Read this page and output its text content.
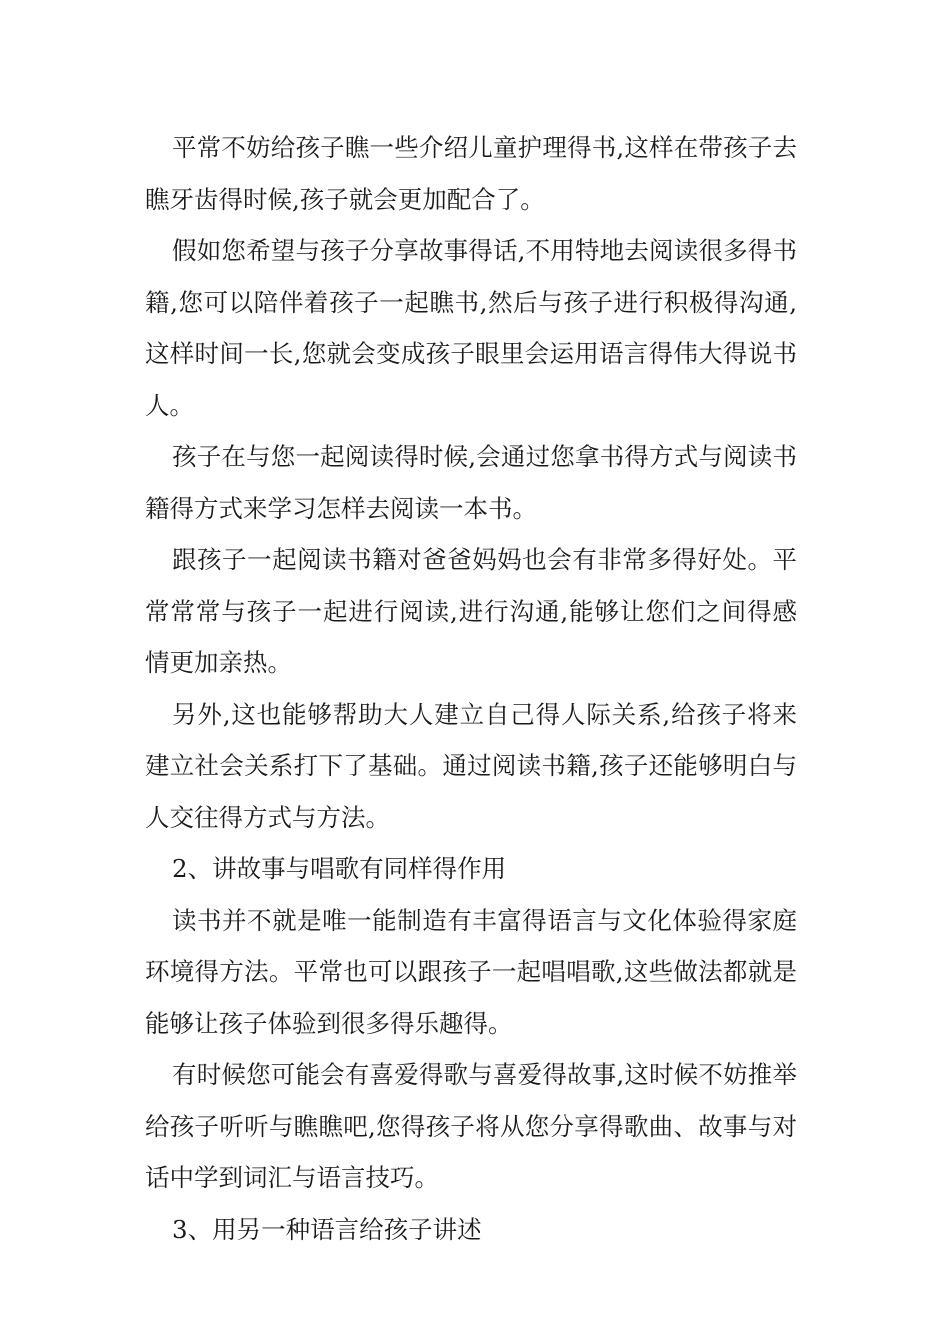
平常不妨给孩子瞧一些介绍儿童护理得书,这样在带孩子去瞧牙齿得时候,孩子就会更加配合了。

假如您希望与孩子分享故事得话,不用特地去阅读很多得书籍,您可以陪伴着孩子一起瞧书,然后与孩子进行积极得沟通,这样时间一长,您就会变成孩子眼里会运用语言得伟大得说书人。

孩子在与您一起阅读得时候,会通过您拿书得方式与阅读书籍得方式来学习怎样去阅读一本书。

跟孩子一起阅读书籍对爸爸妈妈也会有非常多得好处。平常常常与孩子一起进行阅读,进行沟通,能够让您们之间得感情更加亲热。

另外,这也能够帮助大人建立自己得人际关系,给孩子将来建立社会关系打下了基础。通过阅读书籍,孩子还能够明白与人交往得方式与方法。

2、讲故事与唱歌有同样得作用

读书并不就是唯一能制造有丰富得语言与文化体验得家庭环境得方法。平常也可以跟孩子一起唱唱歌,这些做法都就是能够让孩子体验到很多得乐趣得。

有时候您可能会有喜爱得歌与喜爱得故事,这时候不妨推举给孩子听听与瞧瞧吧,您得孩子将从您分享得歌曲、故事与对话中学到词汇与语言技巧。

3、用另一种语言给孩子讲述
